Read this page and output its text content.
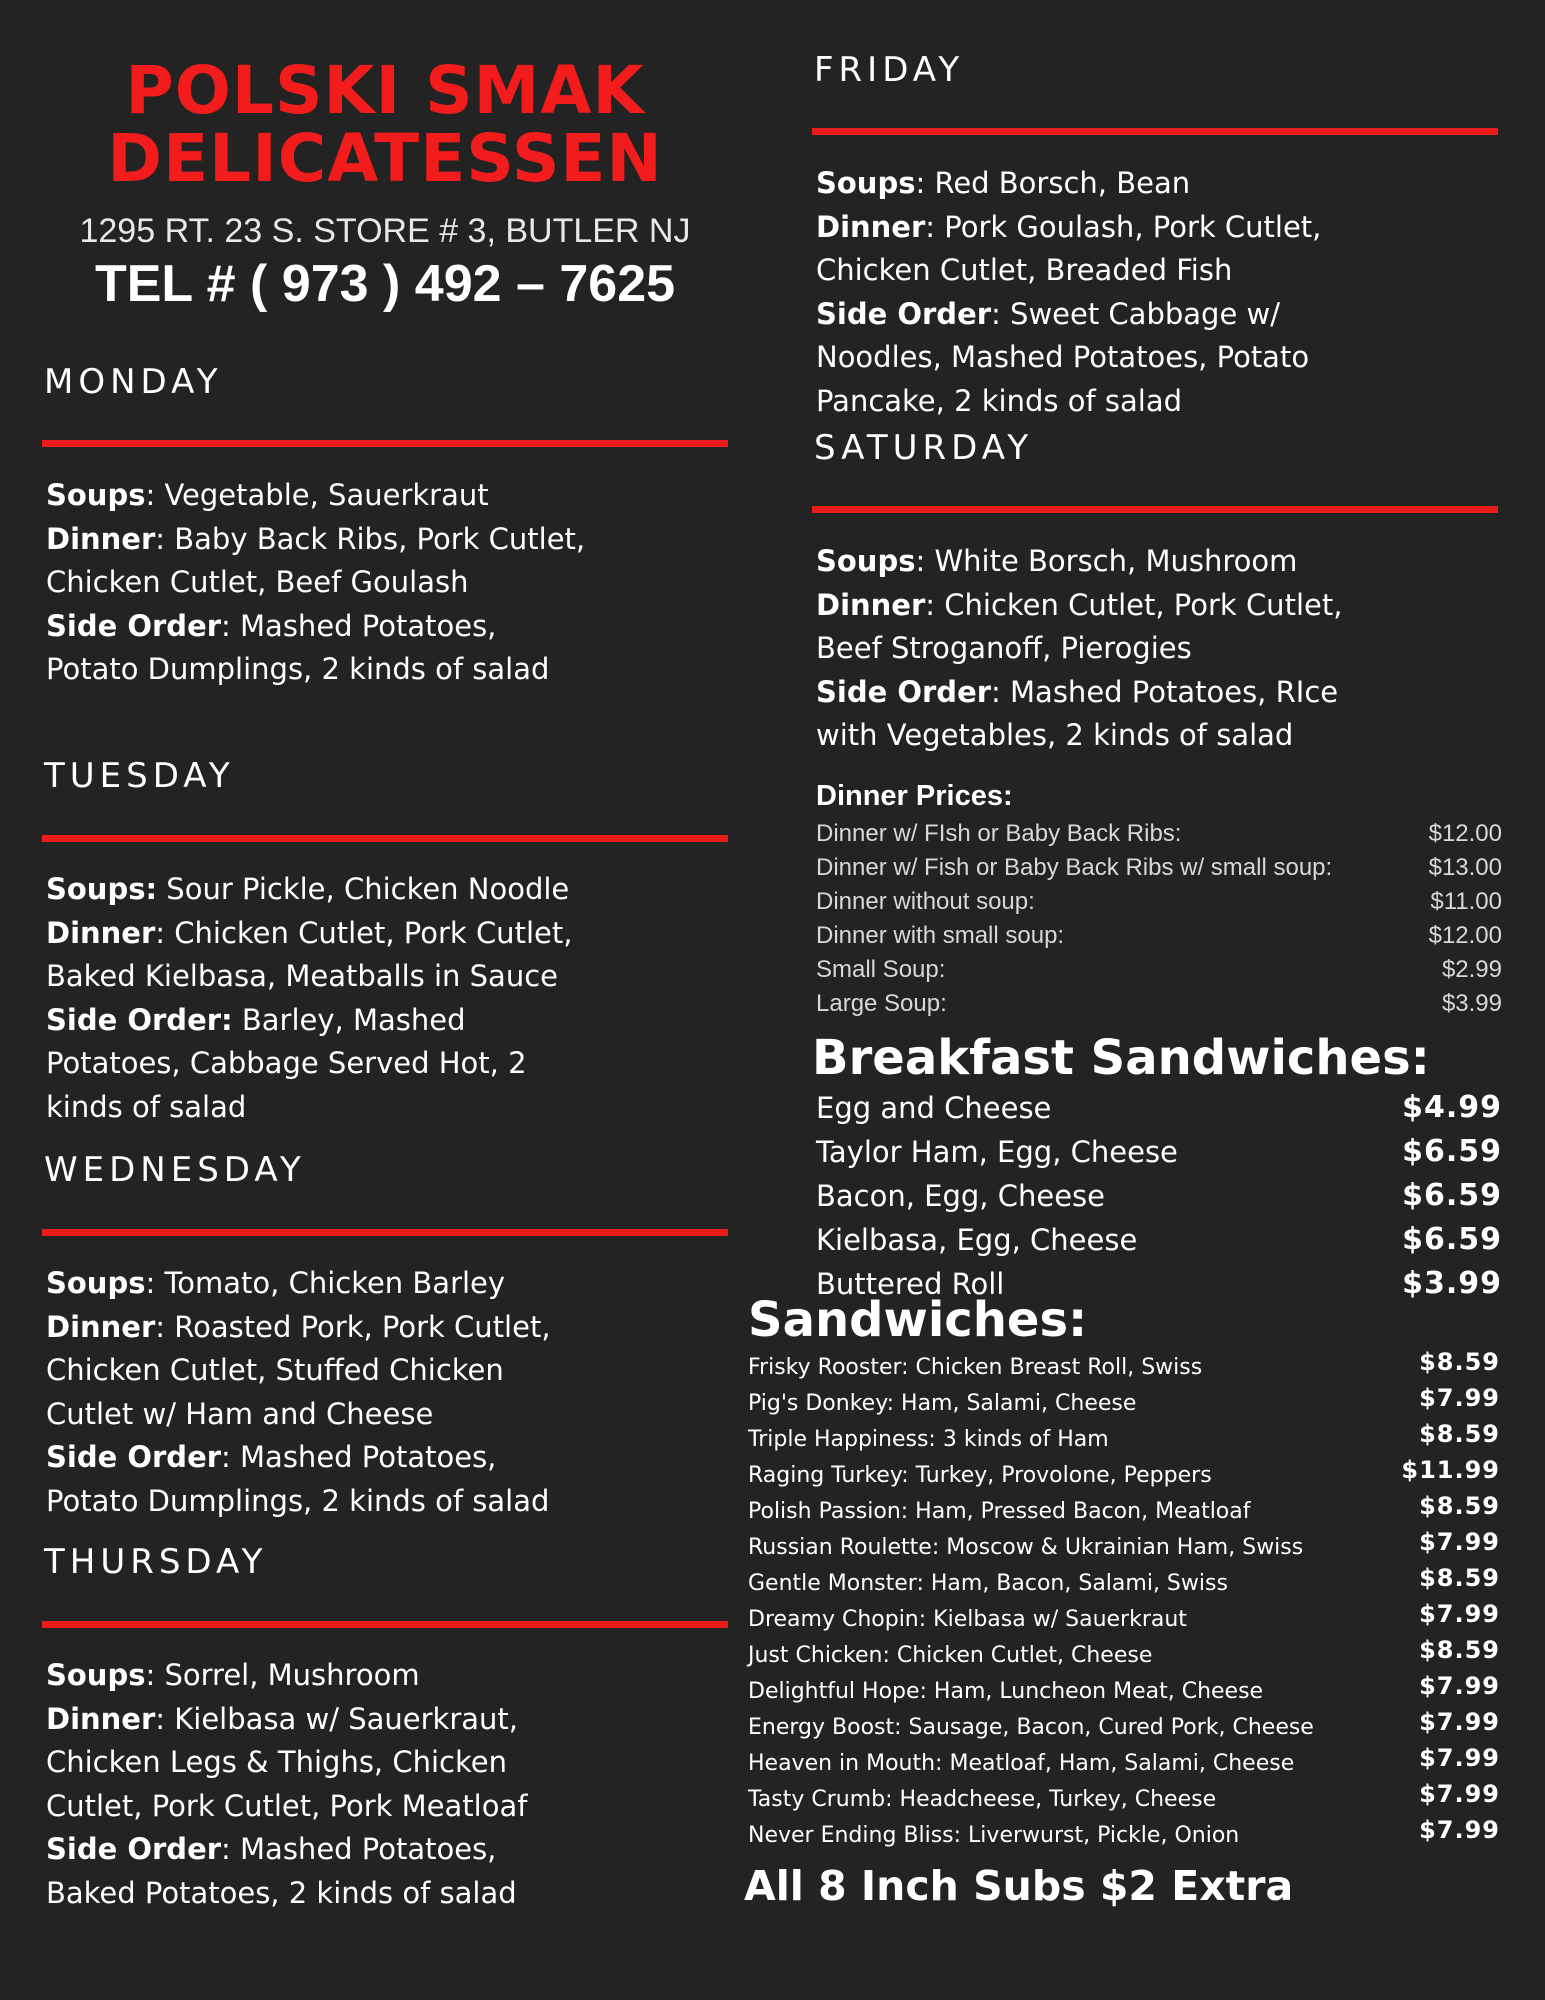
POLSKI SMAK
DELICATESSEN
1295 RT. 23 S. STORE # 3, BUTLER NJ
TEL # ( 973 ) 492 – 7625
MONDAY
Soups: Vegetable, Sauerkraut
Dinner: Baby Back Ribs, Pork Cutlet,
Chicken Cutlet, Beef Goulash
Side Order: Mashed Potatoes,
Potato Dumplings, 2 kinds of salad
TUESDAY
Soups: Sour Pickle, Chicken Noodle
Dinner: Chicken Cutlet, Pork Cutlet,
Baked Kielbasa, Meatballs in Sauce
Side Order: Barley, Mashed
Potatoes, Cabbage Served Hot, 2
kinds of salad
WEDNESDAY
Soups: Tomato, Chicken Barley
Dinner: Roasted Pork, Pork Cutlet,
Chicken Cutlet, Stuffed Chicken
Cutlet w/ Ham and Cheese
Side Order: Mashed Potatoes,
Potato Dumplings, 2 kinds of salad
THURSDAY
Soups: Sorrel, Mushroom
Dinner: Kielbasa w/ Sauerkraut,
Chicken Legs & Thighs, Chicken
Cutlet, Pork Cutlet, Pork Meatloaf
Side Order: Mashed Potatoes,
Baked Potatoes, 2 kinds of salad
FRIDAY
Soups: Red Borsch, Bean
Dinner: Pork Goulash, Pork Cutlet,
Chicken Cutlet, Breaded Fish
Side Order: Sweet Cabbage w/
Noodles, Mashed Potatoes, Potato
Pancake, 2 kinds of salad
SATURDAY
Soups: White Borsch, Mushroom
Dinner: Chicken Cutlet, Pork Cutlet,
Beef Stroganoff, Pierogies
Side Order: Mashed Potatoes, RIce
with Vegetables, 2 kinds of salad
Dinner Prices:
Dinner w/ FIsh or Baby Back Ribs:	$12.00
Dinner w/ Fish or Baby Back Ribs w/ small soup:	$13.00
Dinner without soup:	$11.00
Dinner with small soup:	$12.00
Small Soup:	$2.99
Large Soup:	$3.99
Breakfast Sandwiches:
Egg and Cheese	$4.99
Taylor Ham, Egg, Cheese	$6.59
Bacon, Egg, Cheese	$6.59
Kielbasa, Egg, Cheese	$6.59
Buttered Roll	$3.99
Sandwiches:
Frisky Rooster: Chicken Breast Roll, Swiss	$8.59
Pig's Donkey: Ham, Salami, Cheese	$7.99
Triple Happiness: 3 kinds of Ham	$8.59
Raging Turkey: Turkey, Provolone, Peppers	$11.99
Polish Passion: Ham, Pressed Bacon, Meatloaf	$8.59
Russian Roulette: Moscow & Ukrainian Ham, Swiss	$7.99
Gentle Monster: Ham, Bacon, Salami, Swiss	$8.59
Dreamy Chopin: Kielbasa w/ Sauerkraut	$7.99
Just Chicken: Chicken Cutlet, Cheese	$8.59
Delightful Hope: Ham, Luncheon Meat, Cheese	$7.99
Energy Boost: Sausage, Bacon, Cured Pork, Cheese	$7.99
Heaven in Mouth: Meatloaf, Ham, Salami, Cheese	$7.99
Tasty Crumb: Headcheese, Turkey, Cheese	$7.99
Never Ending Bliss: Liverwurst, Pickle, Onion	$7.99
All 8 Inch Subs $2 Extra
